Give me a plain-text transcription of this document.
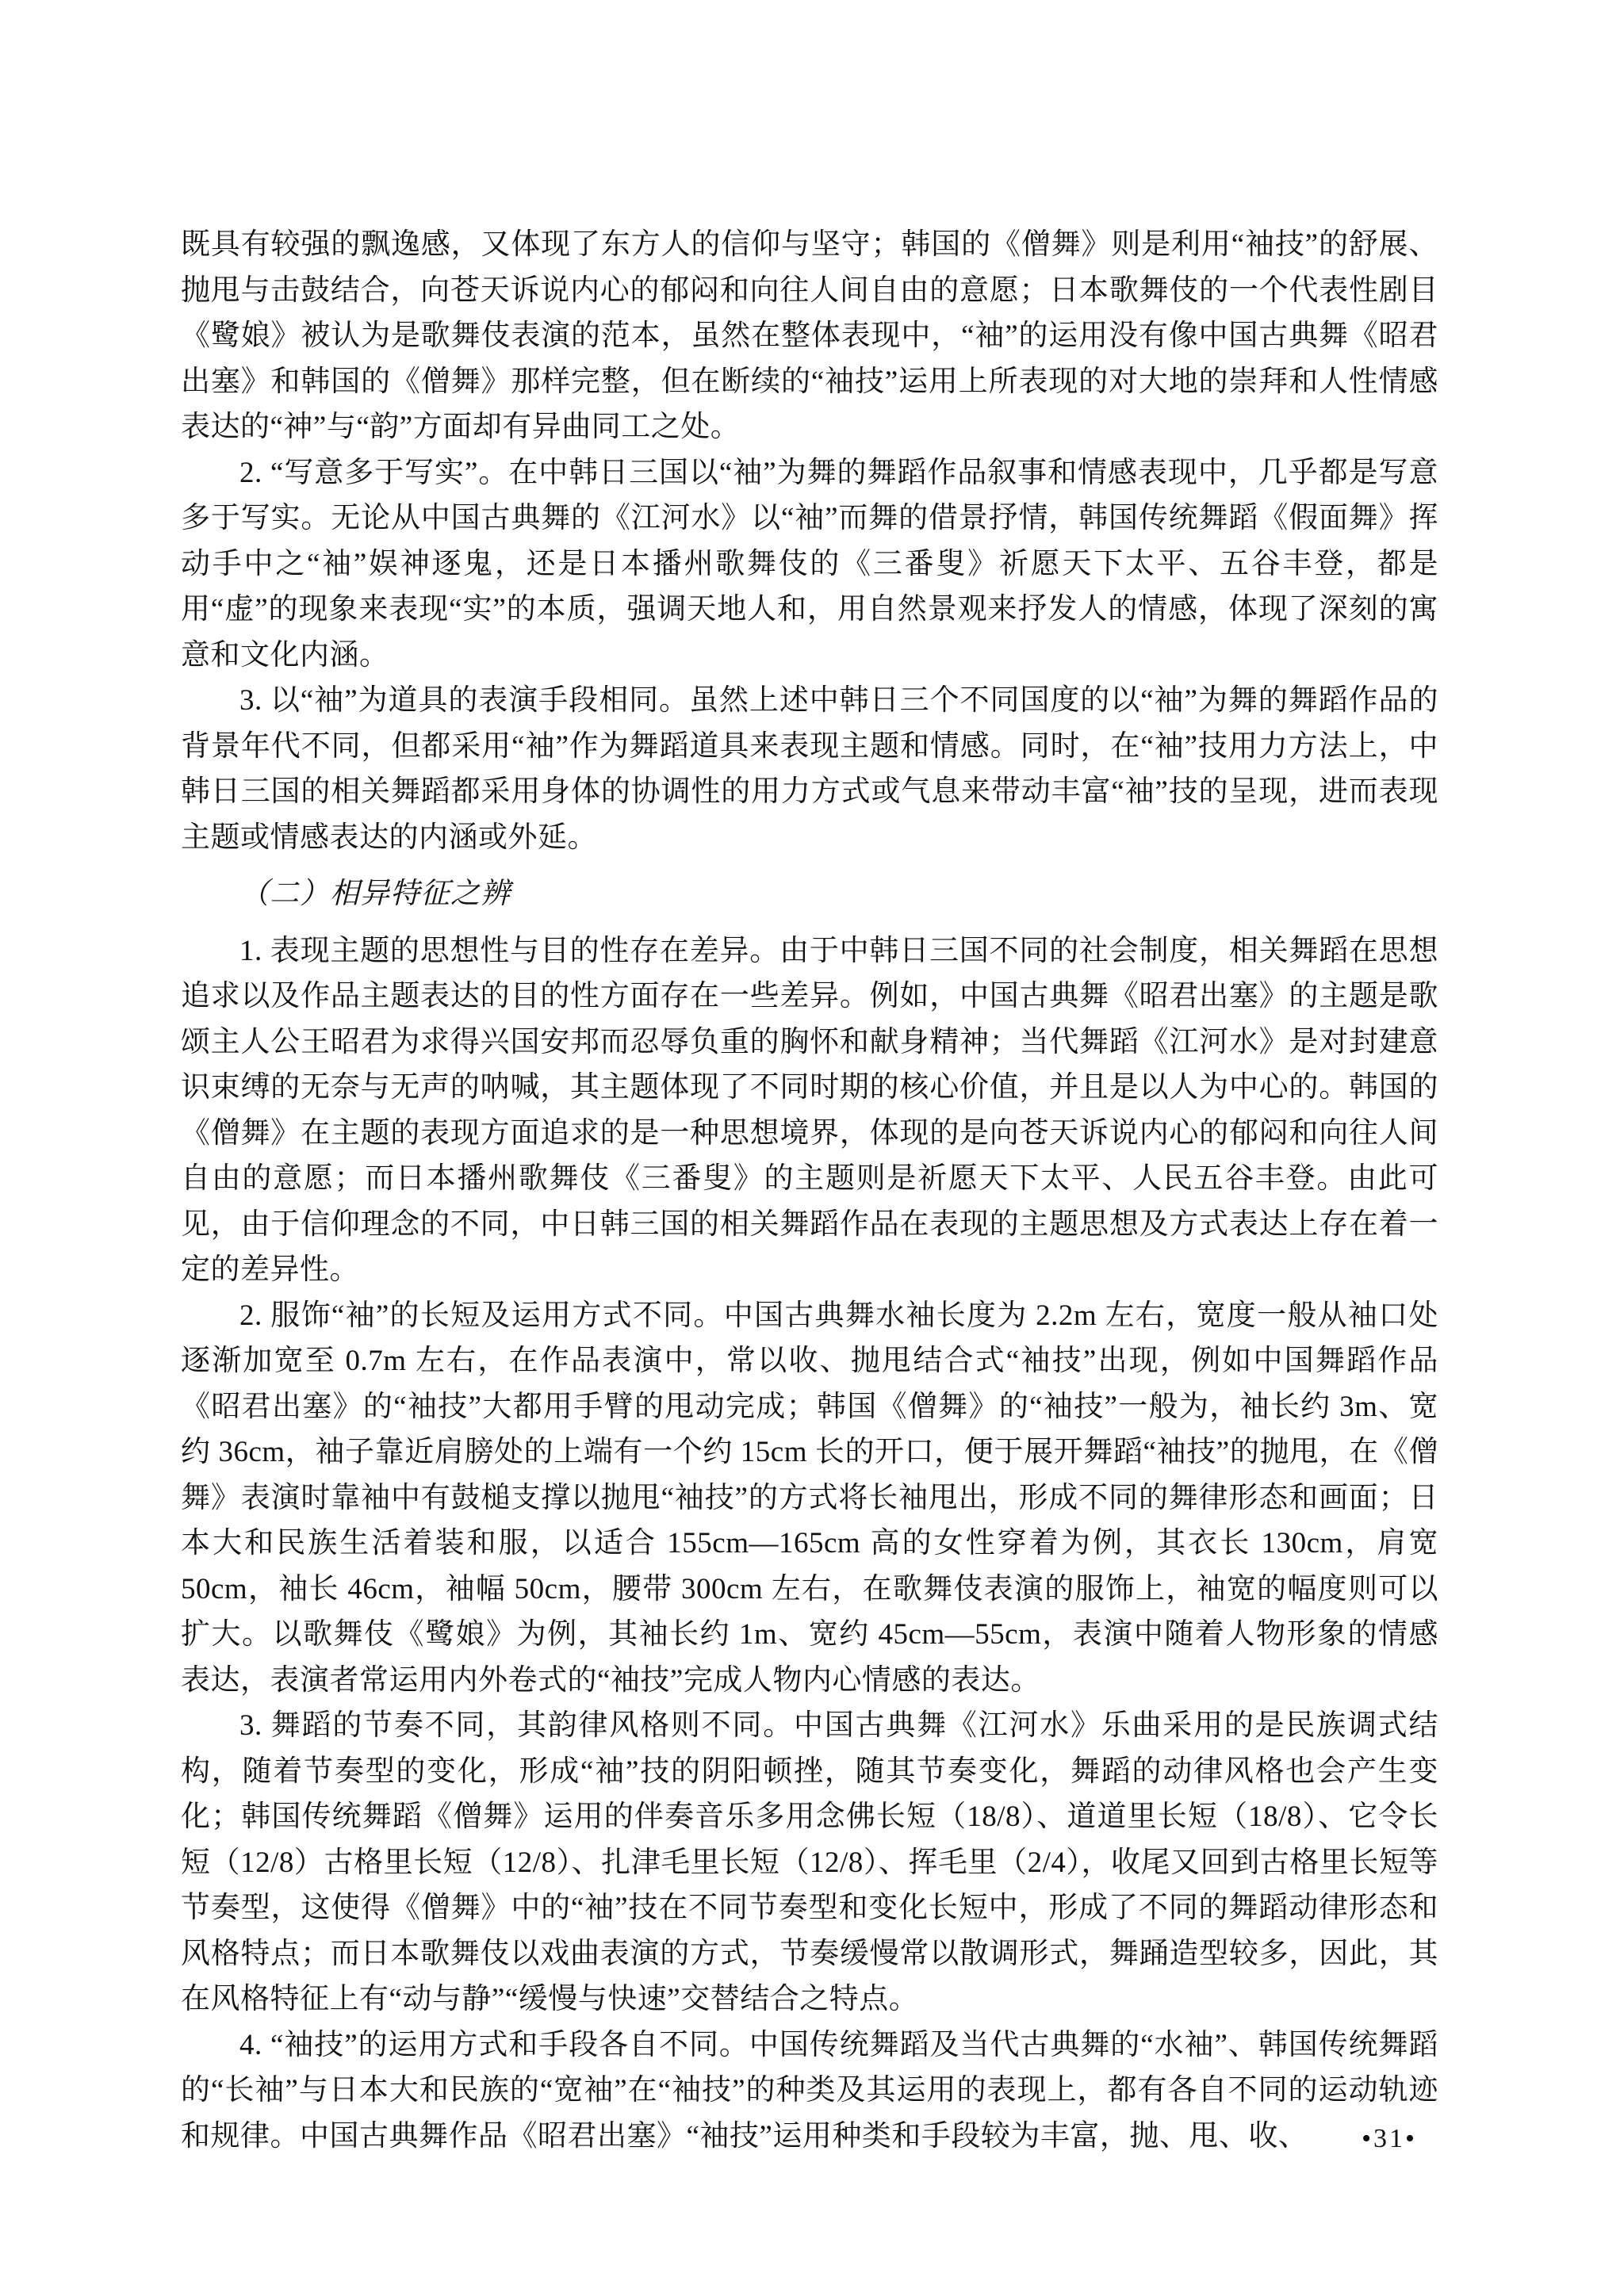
既具有较强的飘逸感，又体现了东方人的信仰与坚守；韩国的《僧舞》则是利用“袖技”的舒展、抛甩与击鼓结合，向苍天诉说内心的郁闷和向往人间自由的意愿；日本歌舞伎的一个代表性剧目《鹭娘》被认为是歌舞伎表演的范本，虽然在整体表现中，“袖”的运用没有像中国古典舞《昭君出塞》和韩国的《僧舞》那样完整，但在断续的“袖技”运用上所表现的对大地的崇拜和人性情感表达的“神”与“韵”方面却有异曲同工之处。

2. “写意多于写实”。在中韩日三国以“袖”为舞的舞蹈作品叙事和情感表现中，几乎都是写意多于写实。无论从中国古典舞的《江河水》以“袖”而舞的借景抒情，韩国传统舞蹈《假面舞》挥动手中之“袖”娱神逐鬼，还是日本播州歌舞伎的《三番叟》祈愿天下太平、五谷丰登，都是用“虚”的现象来表现“实”的本质，强调天地人和，用自然景观来抒发人的情感，体现了深刻的寓意和文化内涵。

3. 以“袖”为道具的表演手段相同。虽然上述中韩日三个不同国度的以“袖”为舞的舞蹈作品的背景年代不同，但都采用“袖”作为舞蹈道具来表现主题和情感。同时，在“袖”技用力方法上，中韩日三国的相关舞蹈都采用身体的协调性的用力方式或气息来带动丰富“袖”技的呈现，进而表现主题或情感表达的内涵或外延。

（二）相异特征之辨

1. 表现主题的思想性与目的性存在差异。由于中韩日三国不同的社会制度，相关舞蹈在思想追求以及作品主题表达的目的性方面存在一些差异。例如，中国古典舞《昭君出塞》的主题是歌颂主人公王昭君为求得兴国安邦而忍辱负重的胸怀和献身精神；当代舞蹈《江河水》是对封建意识束缚的无奈与无声的呐喊，其主题体现了不同时期的核心价值，并且是以人为中心的。韩国的《僧舞》在主题的表现方面追求的是一种思想境界，体现的是向苍天诉说内心的郁闷和向往人间自由的意愿；而日本播州歌舞伎《三番叟》的主题则是祈愿天下太平、人民五谷丰登。由此可见，由于信仰理念的不同，中日韩三国的相关舞蹈作品在表现的主题思想及方式表达上存在着一定的差异性。

2. 服饰“袖”的长短及运用方式不同。中国古典舞水袖长度为 2.2m 左右，宽度一般从袖口处逐渐加宽至 0.7m 左右，在作品表演中，常以收、抛甩结合式“袖技”出现，例如中国舞蹈作品《昭君出塞》的“袖技”大都用手臂的甩动完成；韩国《僧舞》的“袖技”一般为，袖长约 3m、宽约 36cm，袖子靠近肩膀处的上端有一个约 15cm 长的开口，便于展开舞蹈“袖技”的抛甩，在《僧舞》表演时靠袖中有鼓槌支撑以抛甩“袖技”的方式将长袖甩出，形成不同的舞律形态和画面；日本大和民族生活着装和服，以适合 155cm—165cm 高的女性穿着为例，其衣长 130cm，肩宽 50cm，袖长 46cm，袖幅 50cm，腰带 300cm 左右，在歌舞伎表演的服饰上，袖宽的幅度则可以扩大。以歌舞伎《鹭娘》为例，其袖长约 1m、宽约 45cm—55cm，表演中随着人物形象的情感表达，表演者常运用内外卷式的“袖技”完成人物内心情感的表达。

3. 舞蹈的节奏不同，其韵律风格则不同。中国古典舞《江河水》乐曲采用的是民族调式结构，随着节奏型的变化，形成“袖”技的阴阳顿挫，随其节奏变化，舞蹈的动律风格也会产生变化；韩国传统舞蹈《僧舞》运用的伴奏音乐多用念佛长短（18/8）、道道里长短（18/8）、它令长短（12/8）古格里长短（12/8）、扎津毛里长短（12/8）、挥毛里（2/4），收尾又回到古格里长短等节奏型，这使得《僧舞》中的“袖”技在不同节奏型和变化长短中，形成了不同的舞蹈动律形态和风格特点；而日本歌舞伎以戏曲表演的方式，节奏缓慢常以散调形式，舞踊造型较多，因此，其在风格特征上有“动与静”“缓慢与快速”交替结合之特点。

4. “袖技”的运用方式和手段各自不同。中国传统舞蹈及当代古典舞的“水袖”、韩国传统舞蹈的“长袖”与日本大和民族的“宽袖”在“袖技”的种类及其运用的表现上，都有各自不同的运动轨迹和规律。中国古典舞作品《昭君出塞》“袖技”运用种类和手段较为丰富，抛、甩、收、	•31•
